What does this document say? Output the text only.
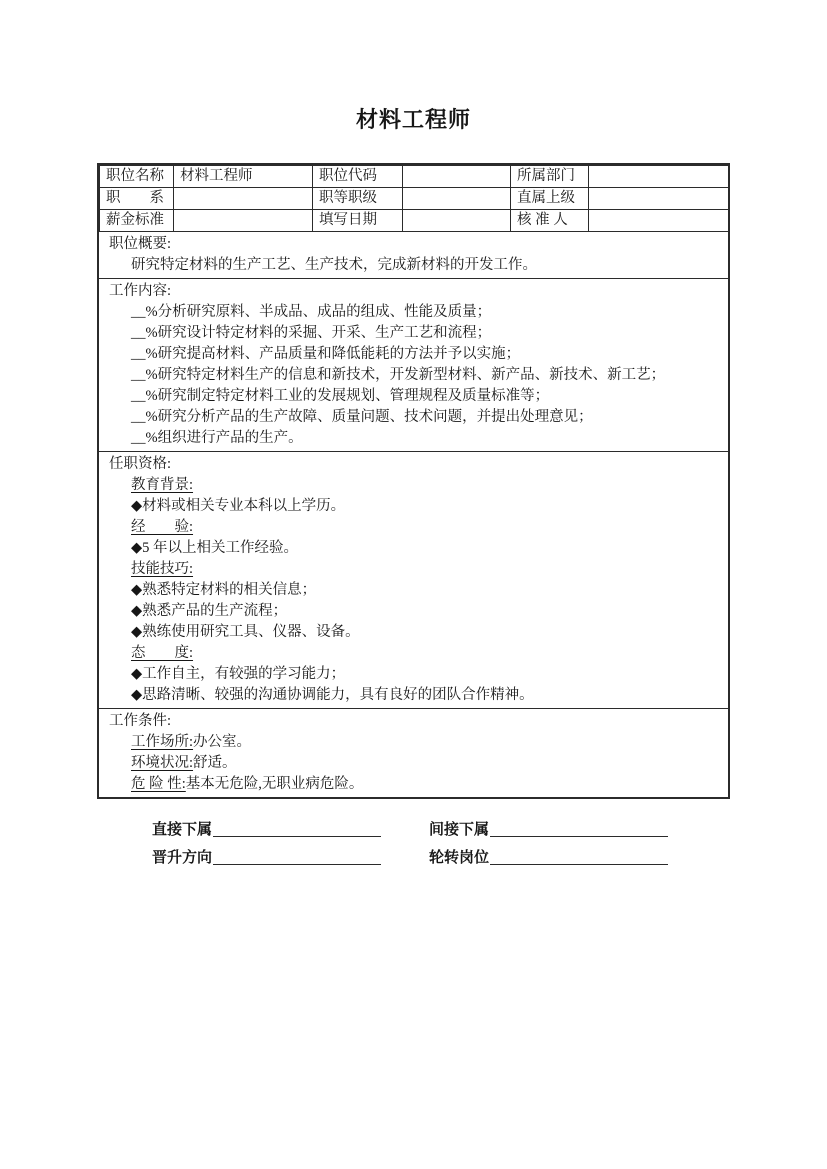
材料工程师
职位名称	材料工程师	职位代码		所属部门	
职　　系		职等职级		直属上级	
薪金标准		填写日期		核 准 人	
职位概要:
研究特定材料的生产工艺、生产技术，完成新材料的开发工作。
工作内容:
__%分析研究原料、半成品、成品的组成、性能及质量；
__%研究设计特定材料的采掘、开采、生产工艺和流程；
__%研究提高材料、产品质量和降低能耗的方法并予以实施；
__%研究特定材料生产的信息和新技术，开发新型材料、新产品、新技术、新工艺；
__%研究制定特定材料工业的发展规划、管理规程及质量标准等；
__%研究分析产品的生产故障、质量问题、技术问题，并提出处理意见；
__%组织进行产品的生产。
任职资格:
教育背景:
◆材料或相关专业本科以上学历。
经　　验:
◆5 年以上相关工作经验。
技能技巧:
◆熟悉特定材料的相关信息；
◆熟悉产品的生产流程；
◆熟练使用研究工具、仪器、设备。
态　　度:
◆工作自主，有较强的学习能力；
◆思路清晰、较强的沟通协调能力，具有良好的团队合作精神。
工作条件:
工作场所:办公室。
环境状况:舒适。
危 险 性:基本无危险,无职业病危险。
直接下属	间接下属
晋升方向	轮转岗位
